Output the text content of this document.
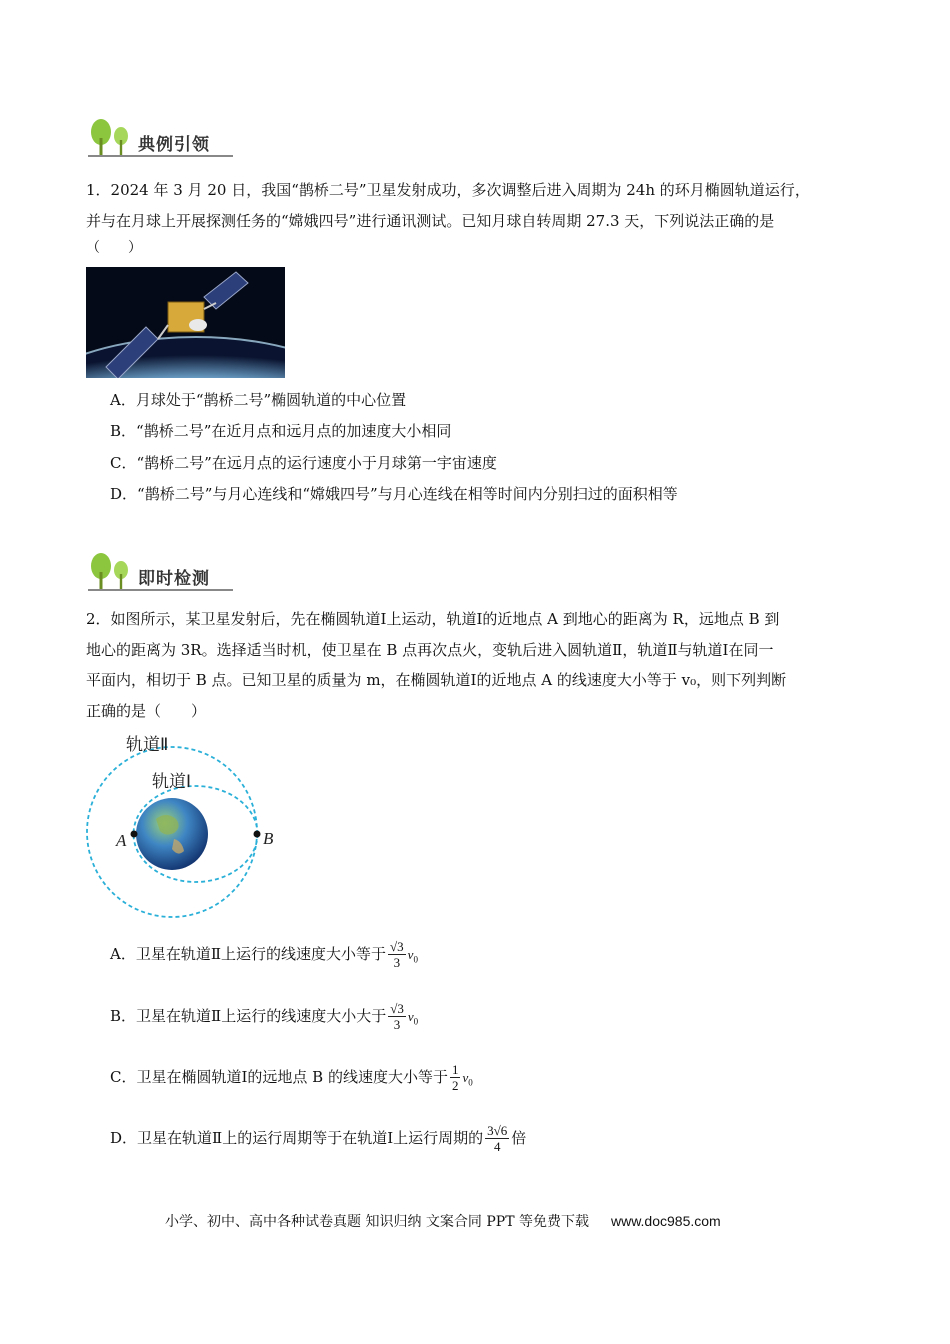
典例引领
1．2024 年 3 月 20 日，我国“鹊桥二号”卫星发射成功，多次调整后进入周期为 24h 的环月椭圆轨道运行，
并与在月球上开展探测任务的“嫦娥四号”进行通讯测试。已知月球自转周期 27.3 天，下列说法正确的是
（　　）
A．月球处于“鹊桥二号”椭圆轨道的中心位置
B．“鹊桥二号”在近月点和远月点的加速度大小相同
C．“鹊桥二号”在远月点的运行速度小于月球第一宇宙速度
D．“鹊桥二号”与月心连线和“嫦娥四号”与月心连线在相等时间内分别扫过的面积相等
即时检测
2．如图所示，某卫星发射后，先在椭圆轨道Ⅰ上运动，轨道Ⅰ的近地点 A 到地心的距离为 R，远地点 B 到
地心的距离为 3R。选择适当时机，使卫星在 B 点再次点火，变轨后进入圆轨道Ⅱ，轨道Ⅱ与轨道Ⅰ在同一
平面内，相切于 B 点。已知卫星的质量为 m，在椭圆轨道Ⅰ的近地点 A 的线速度大小等于 v₀，则下列判断
正确的是（　　）
轨道Ⅱ
轨道Ⅰ
A	B
A．卫星在轨道Ⅱ上运行的线速度大小等于 $\frac{√3}{3} v_0$
B．卫星在轨道Ⅱ上运行的线速度大小大于 $\frac{√3}{3} v_0$
C．卫星在椭圆轨道Ⅰ的远地点 B 的线速度大小等于 $\frac{1}{2} v_0$
D．卫星在轨道Ⅱ上的运行周期等于在轨道Ⅰ上运行周期的 $\frac{3√6}{4}$ 倍
小学、初中、高中各种试卷真题 知识归纳 文案合同 PPT 等免费下载 www.doc985.com
